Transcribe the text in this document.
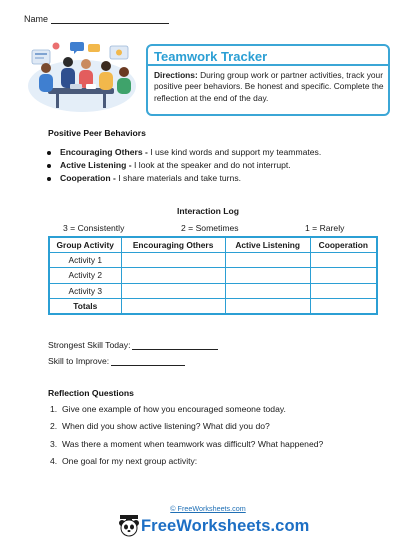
Name
Teamwork Tracker
Directions: During group work or partner activities, track your positive peer behaviors. Be honest and specific. Complete the reflection at the end of the day.
Positive Peer Behaviors
Encouraging Others - I use kind words and support my teammates.
Active Listening - I look at the speaker and do not interrupt.
Cooperation - I share materials and take turns.
Interaction Log
3 = Consistently	2 = Sometimes	1 = Rarely
Group Activity	Encouraging Others	Active Listening	Cooperation
Activity 1			
Activity 2			
Activity 3			
Totals			
Strongest Skill Today:
Skill to Improve:
Reflection Questions
1. Give one example of how you encouraged someone today.
2. When did you show active listening? What did you do?
3. Was there a moment when teamwork was difficult? What happened?
4. One goal for my next group activity:
© FreeWorksheets.com
FreeWorksheets.com
